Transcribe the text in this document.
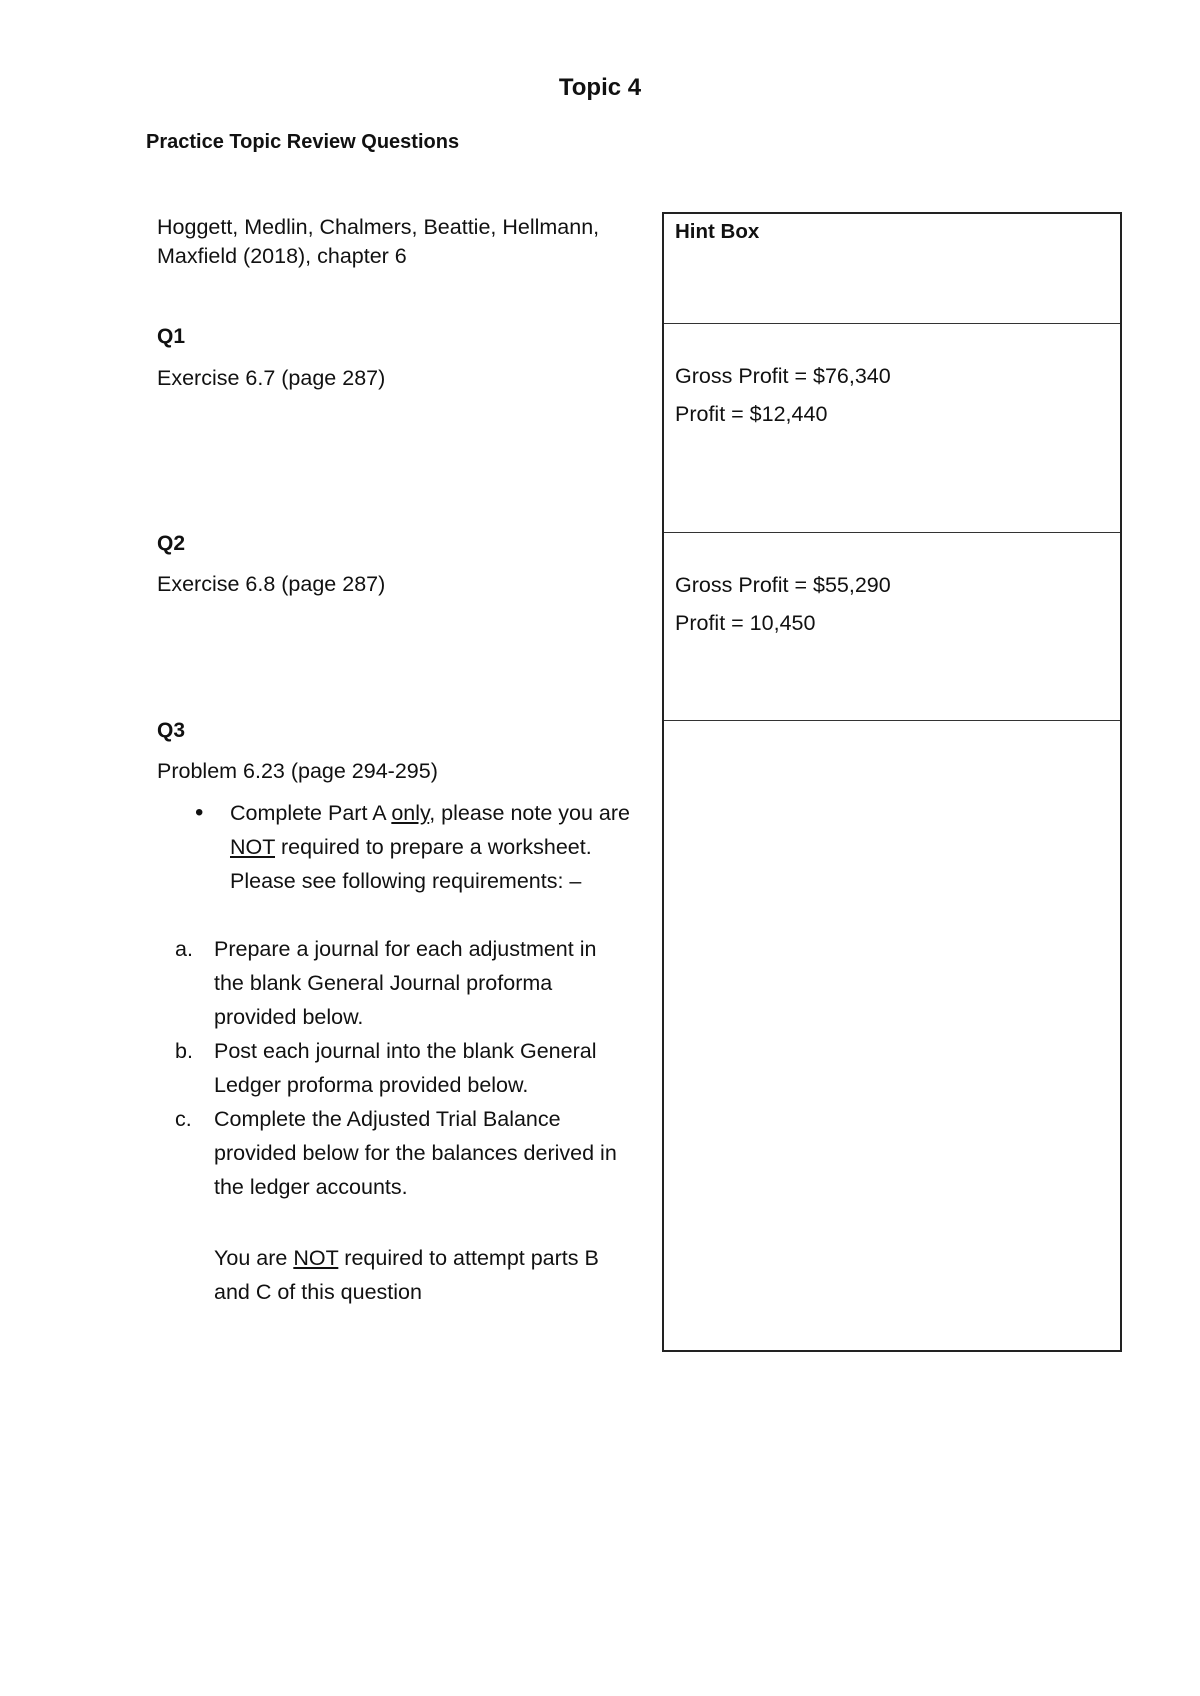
Topic 4
Practice Topic Review Questions
Hoggett, Medlin, Chalmers, Beattie, Hellmann,
Maxfield (2018), chapter 6
Q1
Exercise 6.7 (page 287)
Q2
Exercise 6.8 (page 287)
Q3
Problem 6.23 (page 294-295)
• Complete Part A only, please note you are
NOT required to prepare a worksheet.
Please see following requirements: –
a. Prepare a journal for each adjustment in
the blank General Journal proforma
provided below.
b. Post each journal into the blank General
Ledger proforma provided below.
c. Complete the Adjusted Trial Balance
provided below for the balances derived in
the ledger accounts.
You are NOT required to attempt parts B
and C of this question
Hint Box
Gross Profit = $76,340
Profit = $12,440
Gross Profit = $55,290
Profit = 10,450
